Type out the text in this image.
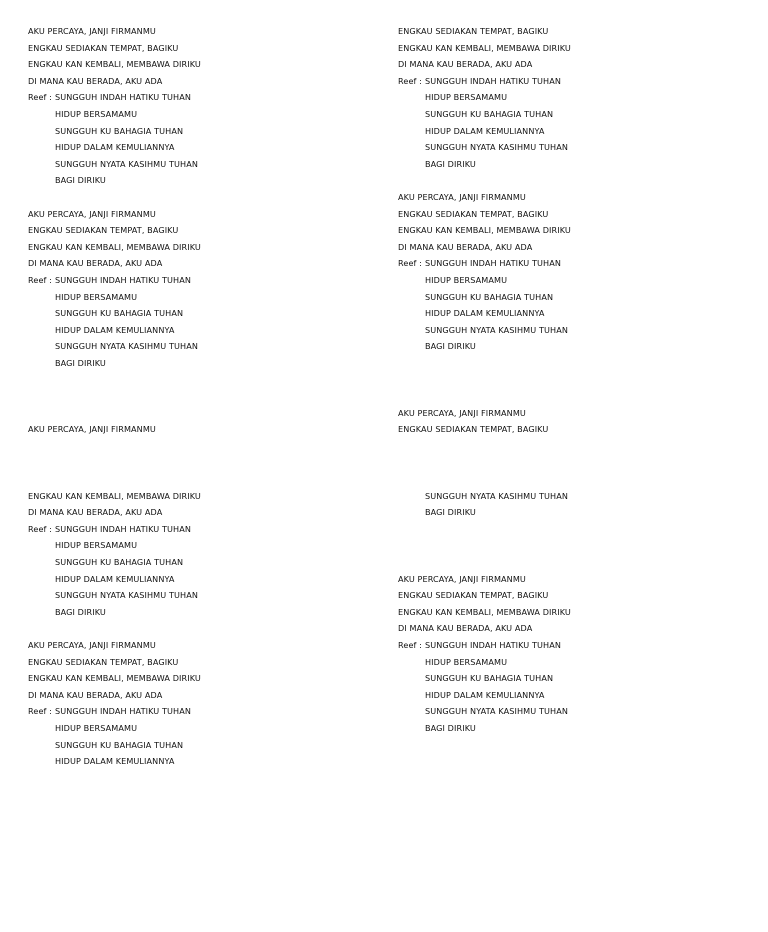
AKU PERCAYA, JANJI FIRMANMU
ENGKAU SEDIAKAN TEMPAT, BAGIKU
ENGKAU KAN KEMBALI, MEMBAWA DIRIKU
DI MANA KAU BERADA, AKU ADA
Reef : SUNGGUH INDAH HATIKU TUHAN
HIDUP BERSAMAMU
SUNGGUH KU BAHAGIA TUHAN
HIDUP DALAM KEMULIANNYA
SUNGGUH NYATA KASIHMU TUHAN
BAGI DIRIKU
AKU PERCAYA, JANJI FIRMANMU
ENGKAU SEDIAKAN TEMPAT, BAGIKU
ENGKAU KAN KEMBALI, MEMBAWA DIRIKU
DI MANA KAU BERADA, AKU ADA
Reef : SUNGGUH INDAH HATIKU TUHAN
HIDUP BERSAMAMU
SUNGGUH KU BAHAGIA TUHAN
HIDUP DALAM KEMULIANNYA
SUNGGUH NYATA KASIHMU TUHAN
BAGI DIRIKU
AKU PERCAYA, JANJI FIRMANMU
ENGKAU KAN KEMBALI, MEMBAWA DIRIKU
DI MANA KAU BERADA, AKU ADA
Reef : SUNGGUH INDAH HATIKU TUHAN
HIDUP BERSAMAMU
SUNGGUH KU BAHAGIA TUHAN
HIDUP DALAM KEMULIANNYA
SUNGGUH NYATA KASIHMU TUHAN
BAGI DIRIKU
AKU PERCAYA, JANJI FIRMANMU
ENGKAU SEDIAKAN TEMPAT, BAGIKU
ENGKAU KAN KEMBALI, MEMBAWA DIRIKU
DI MANA KAU BERADA, AKU ADA
Reef : SUNGGUH INDAH HATIKU TUHAN
HIDUP BERSAMAMU
SUNGGUH KU BAHAGIA TUHAN
HIDUP DALAM KEMULIANNYA
ENGKAU SEDIAKAN TEMPAT, BAGIKU
ENGKAU KAN KEMBALI, MEMBAWA DIRIKU
DI MANA KAU BERADA, AKU ADA
Reef : SUNGGUH INDAH HATIKU TUHAN
HIDUP BERSAMAMU
SUNGGUH KU BAHAGIA TUHAN
HIDUP DALAM KEMULIANNYA
SUNGGUH NYATA KASIHMU TUHAN
BAGI DIRIKU
AKU PERCAYA, JANJI FIRMANMU
ENGKAU SEDIAKAN TEMPAT, BAGIKU
ENGKAU KAN KEMBALI, MEMBAWA DIRIKU
DI MANA KAU BERADA, AKU ADA
Reef : SUNGGUH INDAH HATIKU TUHAN
HIDUP BERSAMAMU
SUNGGUH KU BAHAGIA TUHAN
HIDUP DALAM KEMULIANNYA
SUNGGUH NYATA KASIHMU TUHAN
BAGI DIRIKU
AKU PERCAYA, JANJI FIRMANMU
ENGKAU SEDIAKAN TEMPAT, BAGIKU
SUNGGUH NYATA KASIHMU TUHAN
BAGI DIRIKU
AKU PERCAYA, JANJI FIRMANMU
ENGKAU SEDIAKAN TEMPAT, BAGIKU
ENGKAU KAN KEMBALI, MEMBAWA DIRIKU
DI MANA KAU BERADA, AKU ADA
Reef : SUNGGUH INDAH HATIKU TUHAN
HIDUP BERSAMAMU
SUNGGUH KU BAHAGIA TUHAN
HIDUP DALAM KEMULIANNYA
SUNGGUH NYATA KASIHMU TUHAN
BAGI DIRIKU
